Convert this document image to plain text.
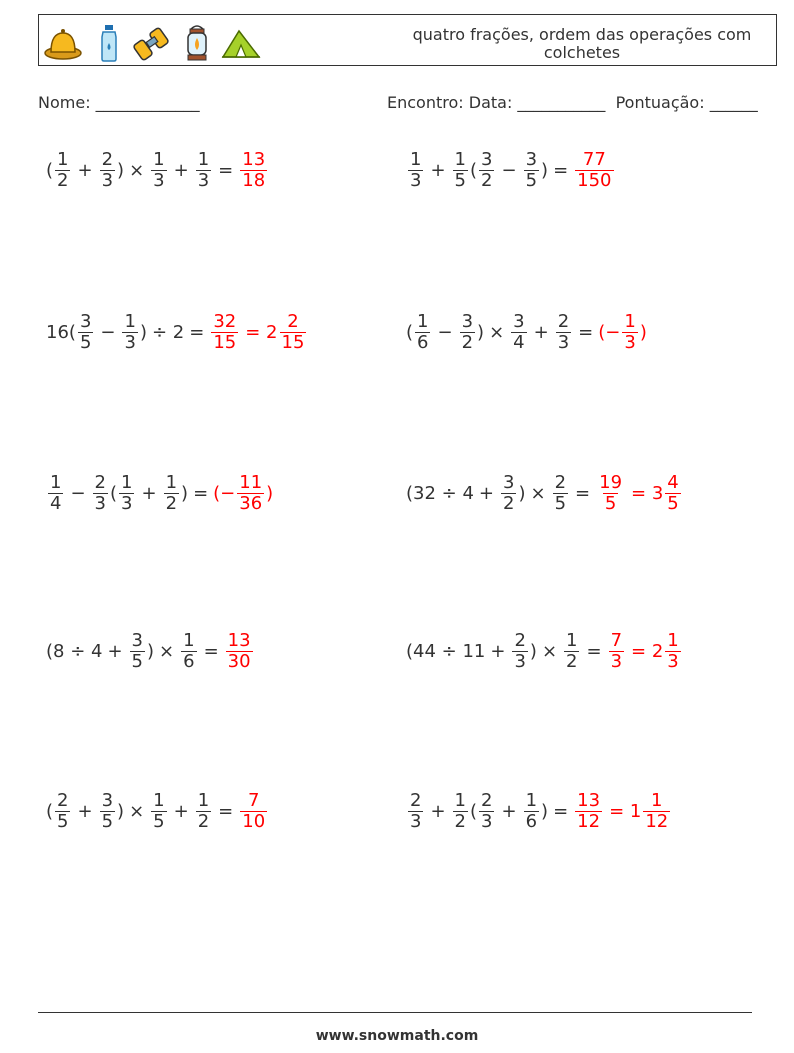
quatro frações, ordem das operações com colchetes
Nome: _____________	Encontro: Data: ___________  Pontuação: ______
( $\frac{1}{2} + \frac{2}{3}$ )
× $\frac{1}{3} + \frac{1}{3} = \frac{13}{18}$	$\frac{1}{3} + \frac{1}{5}$ ( $\frac{3}{2} - \frac{3}{5}$ )
= $\frac{77}{150}$
$16( \frac{3}{5} - \frac{1}{3}$ )
÷ $2 = \frac{32}{15} = 2 \frac{2}{15}$	( $\frac{1}{6} - \frac{3}{2}$ )
× $\frac{3}{4} + \frac{2}{3}$ = (− $\frac{1}{3}$ )
$\frac{1}{4} - \frac{2}{3}$ ( $\frac{1}{3} + \frac{1}{2}$ )
= (− $\frac{11}{36}$ )	($32 \div 4 + \frac{3}{2}$ )
× $\frac{2}{5} = \frac{19}{5} = 3 \frac{4}{5}$
($8 \div 4 + \frac{3}{5}$ )
× $\frac{1}{6} = \frac{13}{30}$	($44 \div 11 + \frac{2}{3}$ )
× $\frac{1}{2} = \frac{7}{3} = 2 \frac{1}{3}$
( $\frac{2}{5} + \frac{3}{5}$ )
× $\frac{1}{5} + \frac{1}{2} = \frac{7}{10}$	$\frac{2}{3} + \frac{1}{2}$ ( $\frac{2}{3} + \frac{1}{6}$ )
= $\frac{13}{12} = 1 \frac{1}{12}$
www.snowmath.com
